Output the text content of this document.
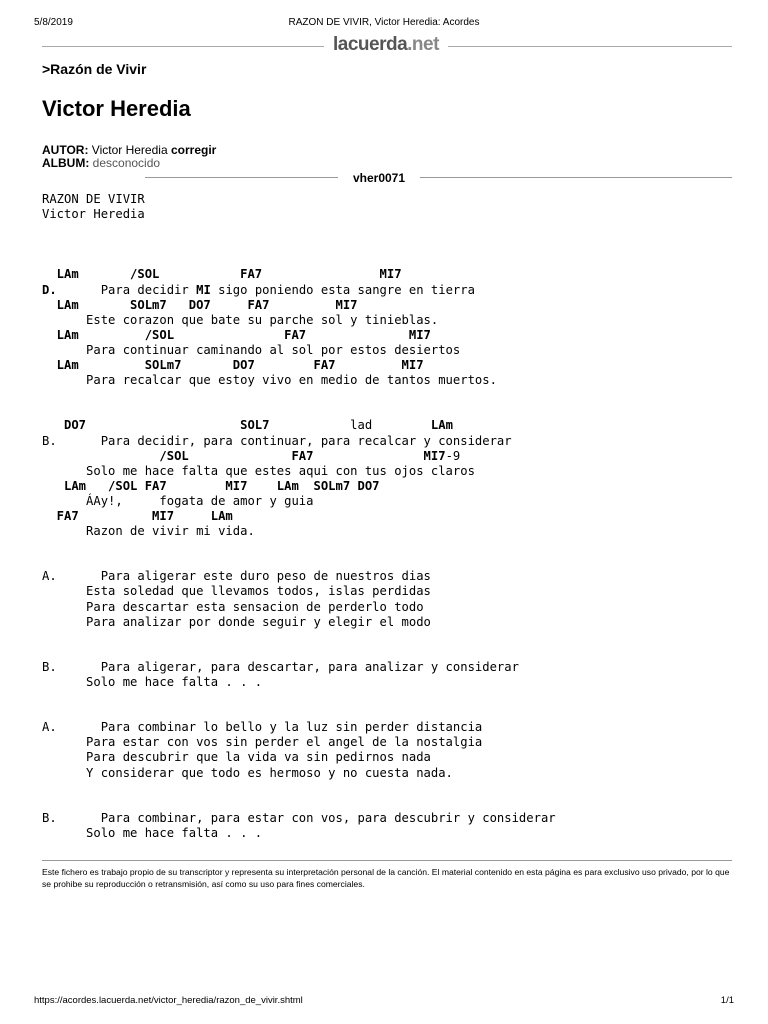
5/8/2019	RAZON DE VIVIR, Victor Heredia: Acordes
lacuerda.net
>Razón de Vivir
Victor Heredia
AUTOR: Victor Heredia corregir
ALBUM: desconocido
vher0071
RAZON DE VIVIR
Victor Heredia

LAm       /SOL           FA7                MI7
D.      Para decidir MI sigo poniendo esta sangre en tierra
LAm       SOLm7   DO7     FA7         MI7
Este corazon que bate su parche sol y tinieblas.
LAm         /SOL               FA7              MI7
Para continuar caminando al sol por estos desiertos
LAm         SOLm7       DO7        FA7         MI7
Para recalcar que estoy vivo en medio de tantos muertos.

DO7                     SOL7           lad        LAm
B.      Para decidir, para continuar, para recalcar y considerar
/SOL              FA7               MI7-9
Solo me hace falta que estes aqui con tus ojos claros
LAm   /SOL FA7        MI7    LAm  SOLm7 DO7
ÁAy!,     fogata de amor y guia
FA7          MI7     LAm
Razon de vivir mi vida.

A.      Para aligerar este duro peso de nuestros dias
Esta soledad que llevamos todos, islas perdidas
Para descartar esta sensacion de perderlo todo
Para analizar por donde seguir y elegir el modo

B.      Para aligerar, para descartar, para analizar y considerar
Solo me hace falta . . .

A.      Para combinar lo bello y la luz sin perder distancia
Para estar con vos sin perder el angel de la nostalgia
Para descubrir que la vida va sin pedirnos nada
Y considerar que todo es hermoso y no cuesta nada.

B.      Para combinar, para estar con vos, para descubrir y considerar
Solo me hace falta . . .

Este fichero es trabajo propio de su transcriptor y representa su interpretación personal de la canción. El material contenido en esta página es para exclusivo uso privado, por lo que se prohibe su reproducción o retransmisión, así como su uso para fines comerciales.
https://acordes.lacuerda.net/victor_heredia/razon_de_vivir.shtml	1/1
